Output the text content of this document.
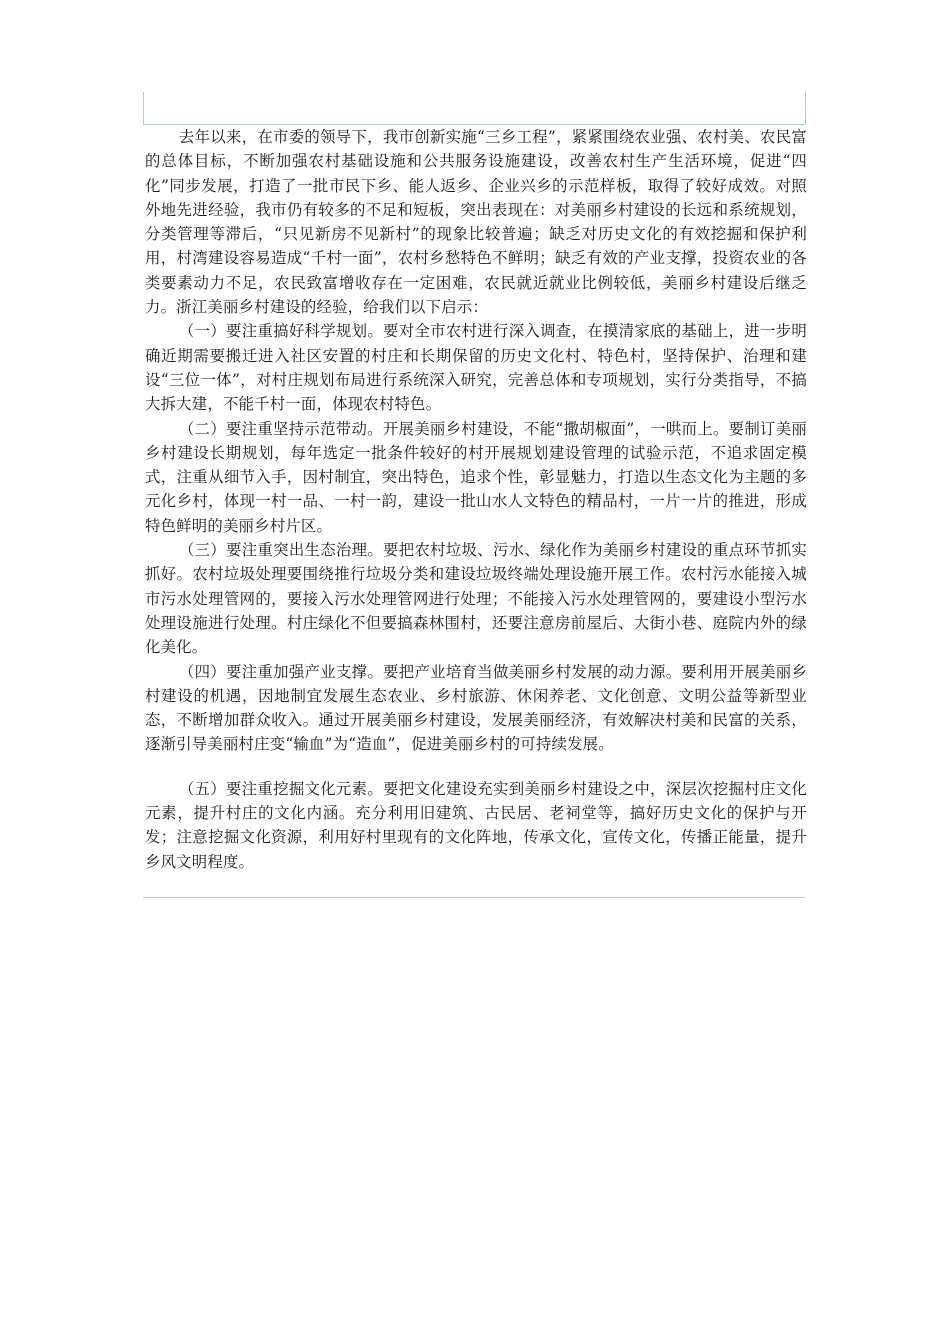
去年以来，在市委的领导下，我市创新实施“三乡工程”，紧紧围绕农业强、农村美、农民富的总体目标，不断加强农村基础设施和公共服务设施建设，改善农村生产生活环境，促进“四化”同步发展，打造了一批市民下乡、能人返乡、企业兴乡的示范样板，取得了较好成效。对照外地先进经验，我市仍有较多的不足和短板，突出表现在：对美丽乡村建设的长远和系统规划，分类管理等滞后，“只见新房不见新村”的现象比较普遍；缺乏对历史文化的有效挖掘和保护利用，村湾建设容易造成“千村一面”，农村乡愁特色不鲜明；缺乏有效的产业支撑，投资农业的各类要素动力不足，农民致富增收存在一定困难，农民就近就业比例较低，美丽乡村建设后继乏力。浙江美丽乡村建设的经验，给我们以下启示：

（一）要注重搞好科学规划。要对全市农村进行深入调查，在摸清家底的基础上，进一步明确近期需要搬迁进入社区安置的村庄和长期保留的历史文化村、特色村，坚持保护、治理和建设“三位一体”，对村庄规划布局进行系统深入研究，完善总体和专项规划，实行分类指导，不搞大拆大建，不能千村一面，体现农村特色。

（二）要注重坚持示范带动。开展美丽乡村建设，不能“撒胡椒面”，一哄而上。要制订美丽乡村建设长期规划，每年选定一批条件较好的村开展规划建设管理的试验示范，不追求固定模式，注重从细节入手，因村制宜，突出特色，追求个性，彰显魅力，打造以生态文化为主题的多元化乡村，体现一村一品、一村一韵，建设一批山水人文特色的精品村，一片一片的推进，形成特色鲜明的美丽乡村片区。

（三）要注重突出生态治理。要把农村垃圾、污水、绿化作为美丽乡村建设的重点环节抓实抓好。农村垃圾处理要围绕推行垃圾分类和建设垃圾终端处理设施开展工作。农村污水能接入城市污水处理管网的，要接入污水处理管网进行处理；不能接入污水处理管网的，要建设小型污水处理设施进行处理。村庄绿化不但要搞森林围村，还要注意房前屋后、大街小巷、庭院内外的绿化美化。

（四）要注重加强产业支撑。要把产业培育当做美丽乡村发展的动力源。要利用开展美丽乡村建设的机遇，因地制宜发展生态农业、乡村旅游、休闲养老、文化创意、文明公益等新型业态，不断增加群众收入。通过开展美丽乡村建设，发展美丽经济，有效解决村美和民富的关系，逐渐引导美丽村庄变“输血”为“造血”，促进美丽乡村的可持续发展。

（五）要注重挖掘文化元素。要把文化建设充实到美丽乡村建设之中，深层次挖掘村庄文化元素，提升村庄的文化内涵。充分利用旧建筑、古民居、老祠堂等，搞好历史文化的保护与开发；注意挖掘文化资源，利用好村里现有的文化阵地，传承文化，宣传文化，传播正能量，提升乡风文明程度。
